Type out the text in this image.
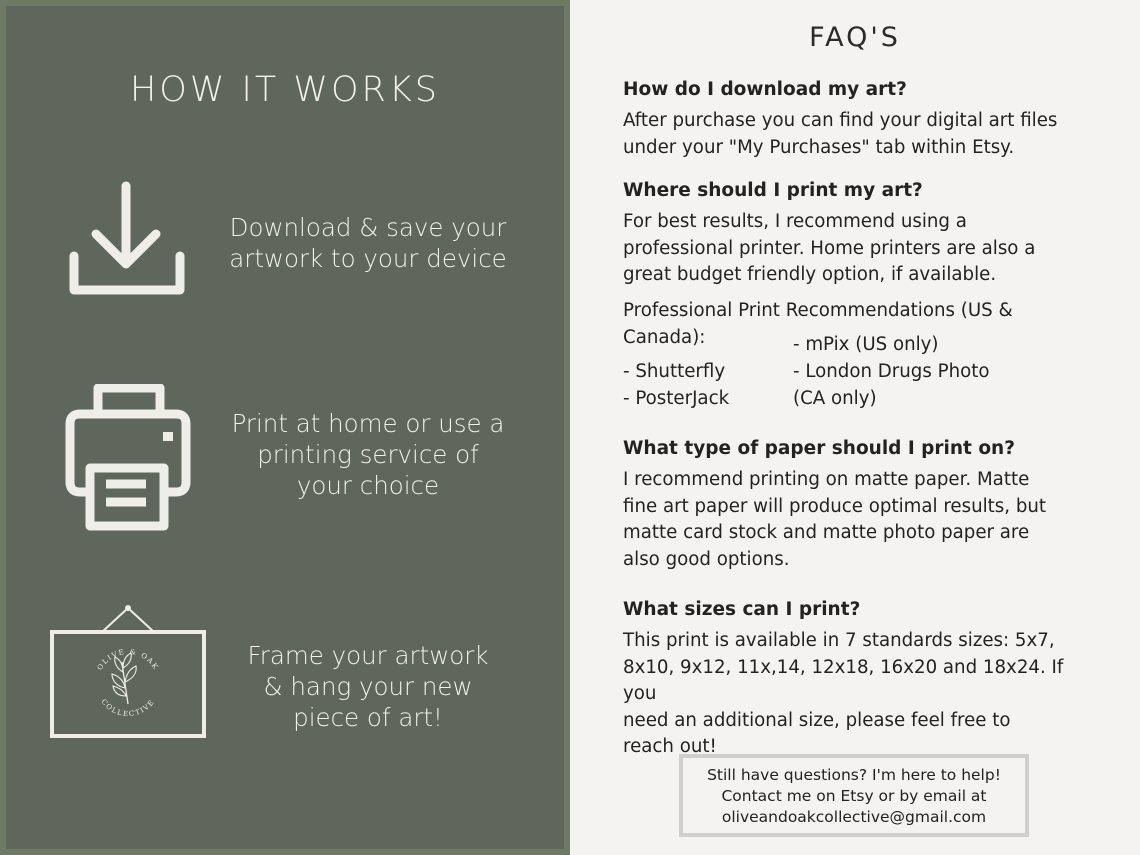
HOW IT WORKS
Download & save your
artwork to your device
Print at home or use a
printing service of
your choice
OLIVE & OAK
COLLECTIVE
Frame your artwork
& hang your new
piece of art!
FAQ'S
How do I download my art?
After purchase you can find your digital art files
under your "My Purchases" tab within Etsy.
Where should I print my art?
For best results, I recommend using a
professional printer. Home printers are also a
great budget friendly option, if available.
Professional Print Recommendations (US &
Canada):
- Shutterfly
- PosterJack
- mPix (US only)
- London Drugs Photo
(CA only)
What type of paper should I print on?
I recommend printing on matte paper. Matte
fine art paper will produce optimal results, but
matte card stock and matte photo paper are
also good options.
What sizes can I print?
This print is available in 7 standards sizes: 5x7,
8x10, 9x12, 11x,14, 12x18, 16x20 and 18x24. If you
need an additional size, please feel free to
reach out!
Still have questions? I'm here to help!
Contact me on Etsy or by email at
oliveandoakcollective@gmail.com
